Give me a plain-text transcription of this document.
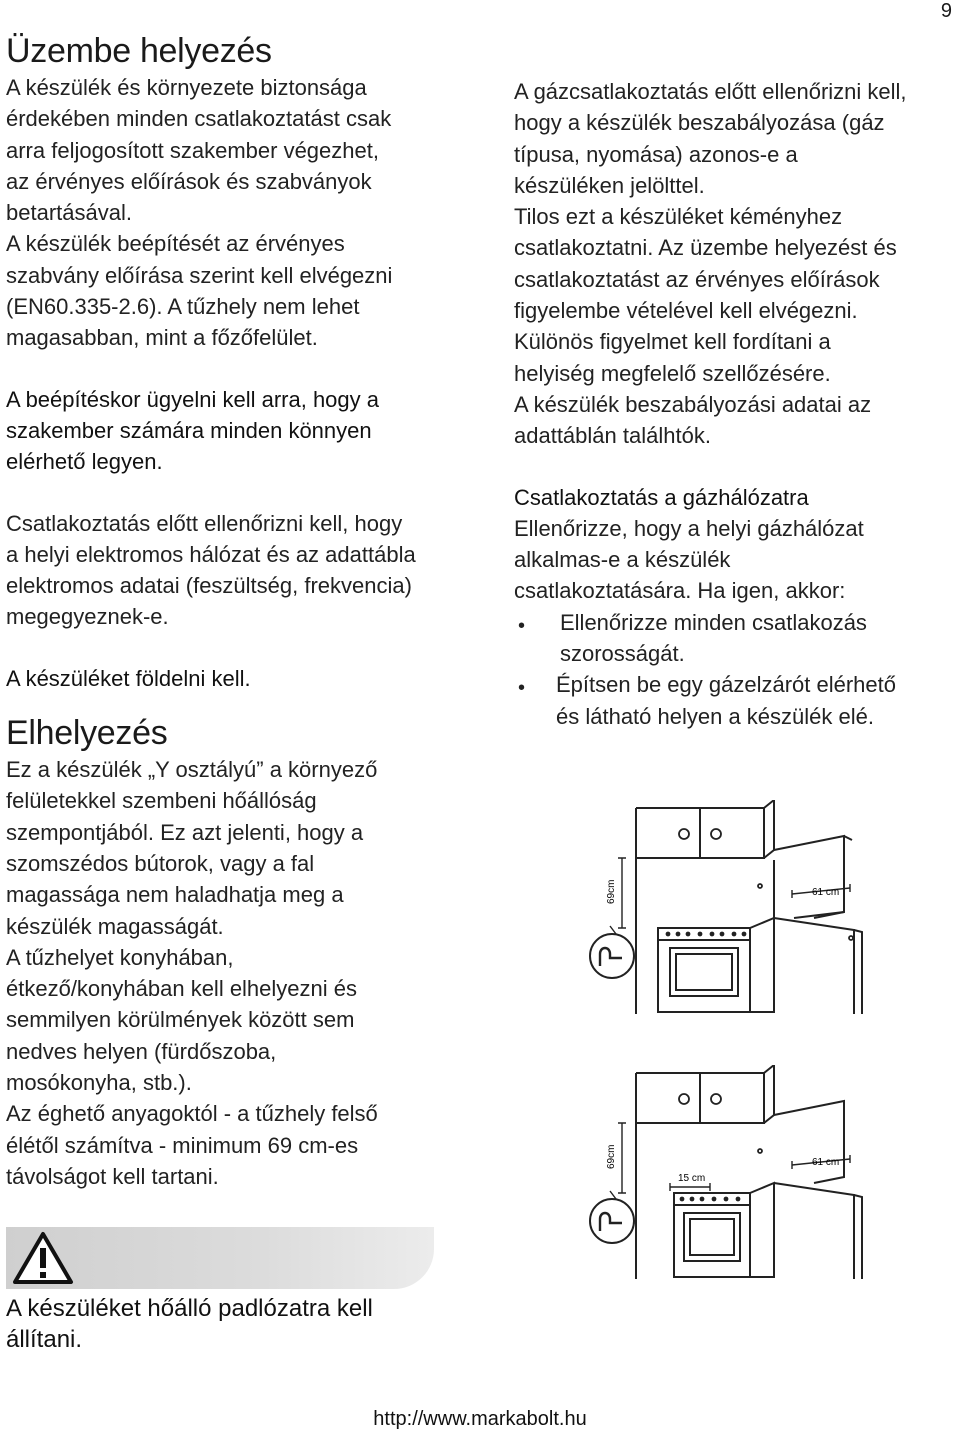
9
Üzembe helyezés

A készülék és környezete biztonsága

érdekében minden csatlakoztatást csak

arra feljogosított szakember végezhet,

az érvényes előírások és szabványok

betartásával.

A készülék beépítését az érvényes

szabvány előírása szerint kell elvégezni

(EN60.335-2.6). A tűzhely nem lehet

magasabban, mint a főzőfelület.

A beépítéskor ügyelni kell arra, hogy a

szakember számára minden könnyen

elérhető legyen.

Csatlakoztatás előtt ellenőrizni kell, hogy

a helyi elektromos hálózat és az adattábla

elektromos adatai (feszültség, frekvencia)

megegyeznek-e.

A készüléket földelni kell.

Elhelyezés

Ez a készülék „Y osztályú” a környező

felületekkel szembeni hőállóság

szempontjából. Ez azt jelenti, hogy a

szomszédos bútorok, vagy a fal

magassága nem haladhatja meg a

készülék magasságát.

A tűzhelyet konyhában,

étkező/konyhában kell elhelyezni és

semmilyen körülmények között sem

nedves helyen (fürdőszoba,

mosókonyha, stb.).

Az éghető anyagoktól - a tűzhely felső

élétől számítva - minimum 69 cm-es

távolságot kell tartani.

A készüléket hőálló padlózatra kell
állítani.

A gázcsatlakoztatás előtt ellenőrizni kell,

hogy a készülék beszabályozása (gáz

típusa, nyomása) azonos-e a

készüléken jelölttel.

Tilos ezt a készüléket kéményhez

csatlakoztatni. Az üzembe helyezést és

csatlakoztatást az érvényes előírások

figyelembe vételével kell elvégezni.

Különös figyelmet kell fordítani a

helyiség megfelelő szellőzésére.

A készülék beszabályozási adatai az

adattáblán találhtók.

Csatlakoztatás a gázhálózatra

Ellenőrizze, hogy a helyi gázhálózat

alkalmas-e a készülék

csatlakoztatására. Ha igen, akkor:

• Ellenőrizze minden csatlakozás
szorosságát.
• Építsen be egy gázelzárót elérhető
és látható helyen a készülék elé.
69cm	61 cm
69cm
15 cm
61 cm
http://www.markabolt.hu
